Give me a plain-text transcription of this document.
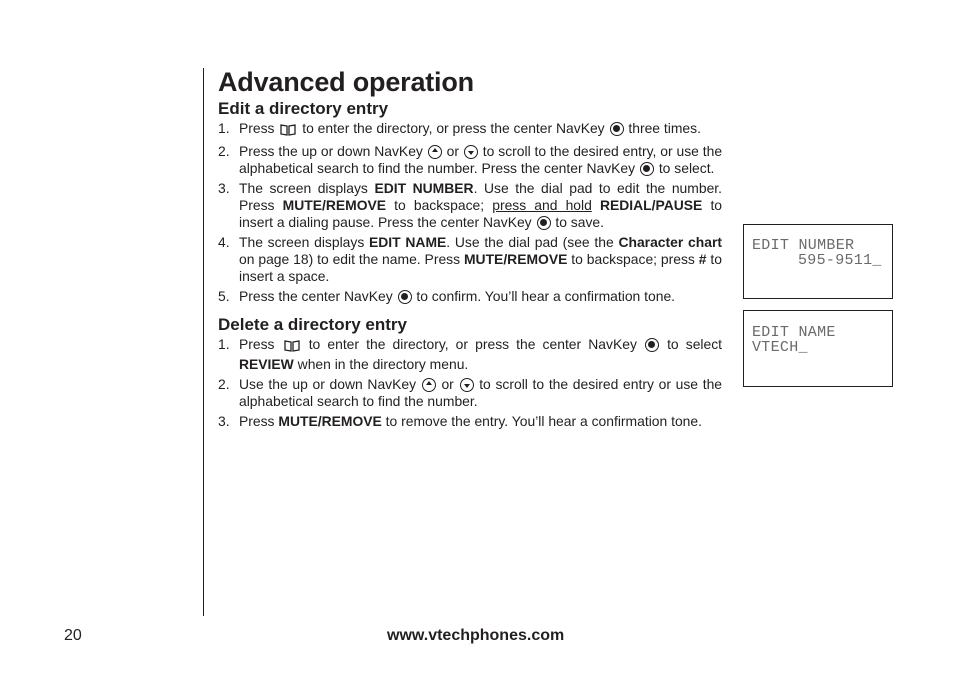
Advanced operation
Edit a directory entry
1. Press to enter the directory, or press the center NavKey three times.
2. Press the up or down NavKey or to scroll to the desired entry, or use the alphabetical search to find the number. Press the center NavKey to select.
3. The screen displays EDIT NUMBER. Use the dial pad to edit the number. Press MUTE/REMOVE to backspace; press and hold REDIAL/PAUSE to insert a dialing pause. Press the center NavKey to save.
4. The screen displays EDIT NAME. Use the dial pad (see the Character chart on page 18) to edit the name. Press MUTE/REMOVE to backspace; press # to insert a space.
5. Press the center NavKey to confirm. You’ll hear a confirmation tone.
Delete a directory entry
1. Press to enter the directory, or press the center NavKey to select REVIEW when in the directory menu.
2. Use the up or down NavKey or to scroll to the desired entry or use the alphabetical search to find the number.
3. Press MUTE/REMOVE to remove the entry. You’ll hear a confirmation tone.
EDIT NUMBER
595-9511_
EDIT NAME
VTECH_
20	www.vtechphones.com
